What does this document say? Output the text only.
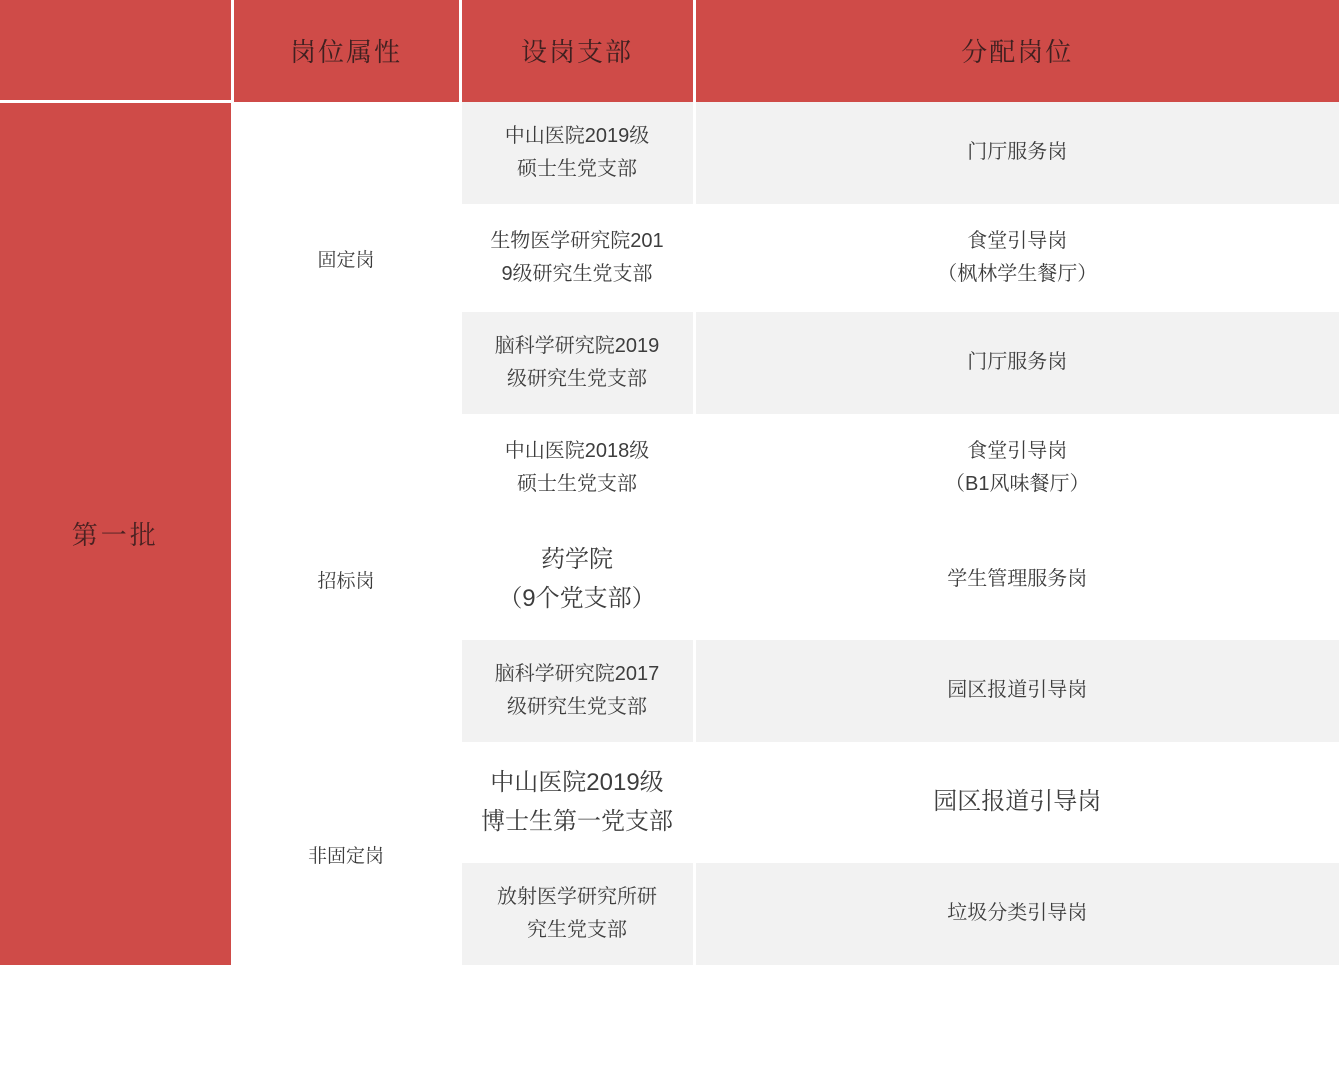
	岗位属性	设岗支部	分配岗位
第一批	固定岗	中山医院2019级
硕士生党支部	门厅服务岗

		生物医学研究院201
9级研究生党支部	食堂引导岗
（枫林学生餐厅）

		脑科学研究院2019
级研究生党支部	门厅服务岗

	招标岗	中山医院2018级
硕士生党支部	食堂引导岗
（B1风味餐厅）

		药学院
（9个党支部）	学生管理服务岗

		脑科学研究院2017
级研究生党支部	园区报道引导岗

	非固定岗	中山医院2019级
博士生第一党支部	园区报道引导岗

		放射医学研究所研
究生党支部	垃圾分类引导岗
